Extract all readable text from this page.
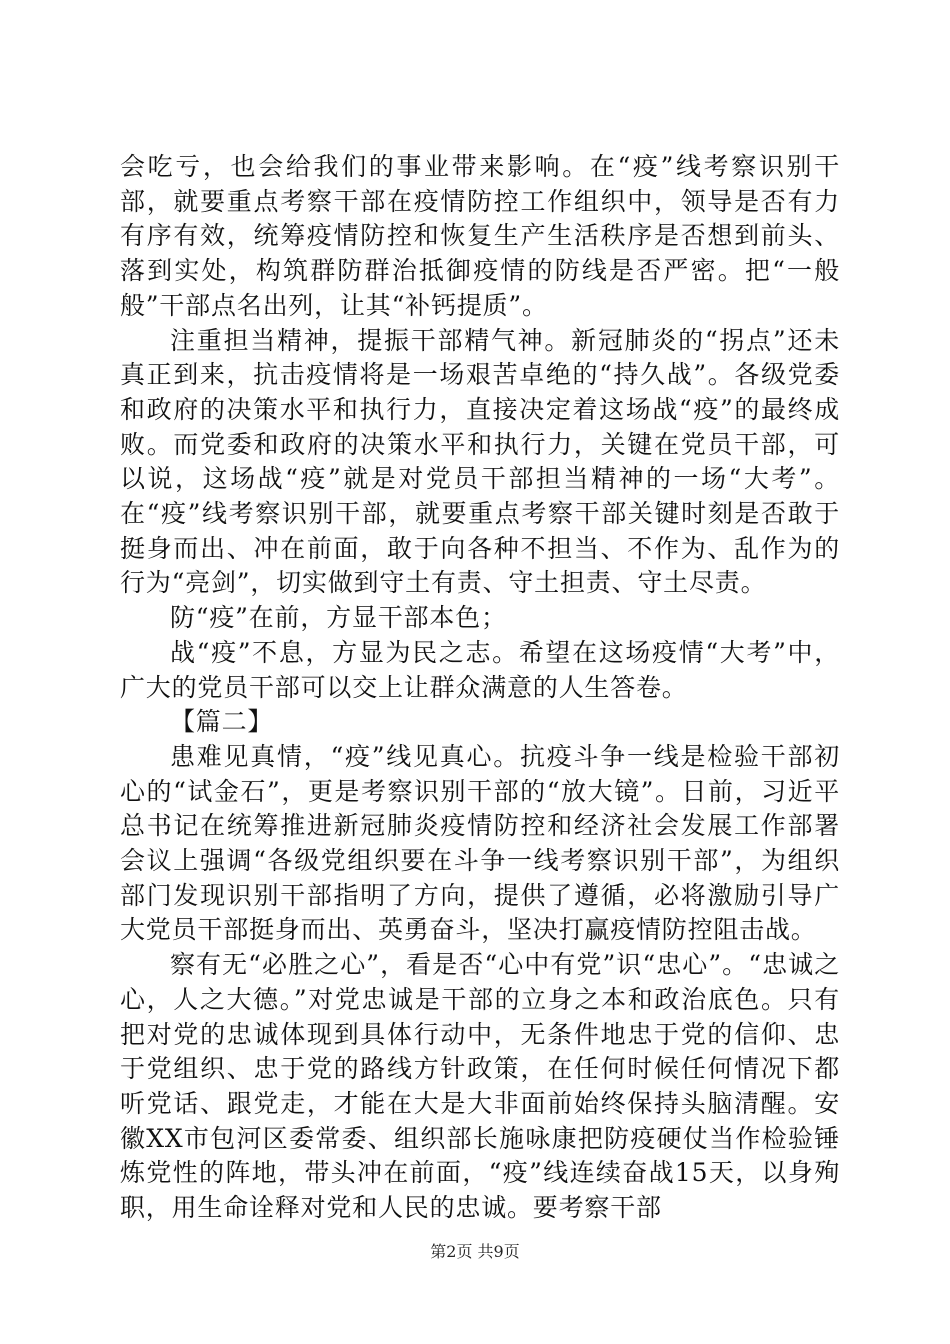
会吃亏，也会给我们的事业带来影响。在“疫”线考察识别干部，就要重点考察干部在疫情防控工作组织中，领导是否有力有序有效，统筹疫情防控和恢复生产生活秩序是否想到前头、落到实处，构筑群防群治抵御疫情的防线是否严密。把“一般般”干部点名出列，让其“补钙提质”。

注重担当精神，提振干部精气神。新冠肺炎的“拐点”还未真正到来，抗击疫情将是一场艰苦卓绝的“持久战”。各级党委和政府的决策水平和执行力，直接决定着这场战“疫”的最终成败。而党委和政府的决策水平和执行力，关键在党员干部，可以说，这场战“疫”就是对党员干部担当精神的一场“大考”。在“疫”线考察识别干部，就要重点考察干部关键时刻是否敢于挺身而出、冲在前面，敢于向各种不担当、不作为、乱作为的行为“亮剑”，切实做到守土有责、守土担责、守土尽责。

防“疫”在前，方显干部本色；

战“疫”不息，方显为民之志。希望在这场疫情“大考”中，广大的党员干部可以交上让群众满意的人生答卷。

【篇二】

患难见真情，“疫”线见真心。抗疫斗争一线是检验干部初心的“试金石”，更是考察识别干部的“放大镜”。日前，习近平总书记在统筹推进新冠肺炎疫情防控和经济社会发展工作部署会议上强调“各级党组织要在斗争一线考察识别干部”，为组织部门发现识别干部指明了方向，提供了遵循，必将激励引导广大党员干部挺身而出、英勇奋斗，坚决打赢疫情防控阻击战。

察有无“必胜之心”，看是否“心中有党”识“忠心”。“忠诚之心，人之大德。”对党忠诚是干部的立身之本和政治底色。只有把对党的忠诚体现到具体行动中，无条件地忠于党的信仰、忠于党组织、忠于党的路线方针政策，在任何时候任何情况下都听党话、跟党走，才能在大是大非面前始终保持头脑清醒。安徽XX市包河区委常委、组织部长施咏康把防疫硬仗当作检验锤炼党性的阵地，带头冲在前面，“疫”线连续奋战15天，以身殉职，用生命诠释对党和人民的忠诚。要考察干部

第2页 共9页
